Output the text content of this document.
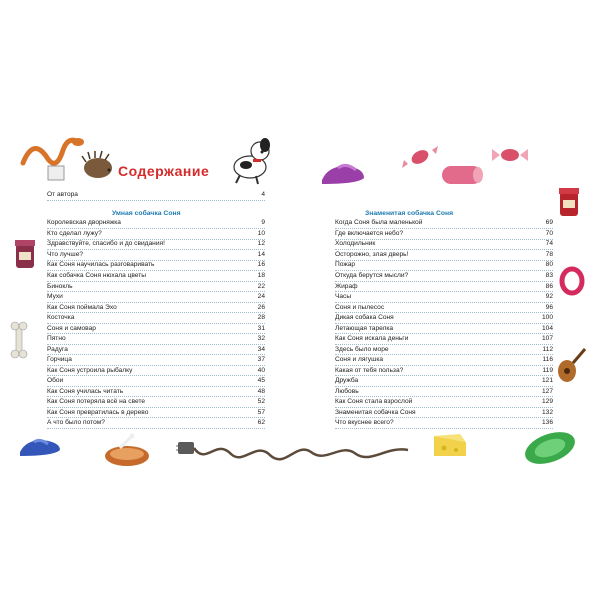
Содержание
От автора	4
Умная собачка Соня
Королевская дворняжка	9
Кто сделал лужу?	10
Здравствуйте, спасибо и до свидания!	12
Что лучше?	14
Как Соня научилась разговаривать	16
Как собачка Соня нюхала цветы	18
Бинокль	22
Мухи	24
Как Соня поймала Эхо	26
Косточка	28
Соня и самовар	31
Пятно	32
Радуга	34
Горчица	37
Как Соня устроила рыбалку	40
Обои	45
Как Соня училась читать	48
Как Соня потеряла всё на свете	52
Как Соня превратилась в дерево	57
А что было потом?	62
Знаменитая собачка Соня
Когда Соня была маленькой	69
Где включается небо?	70
Холодильник	74
Осторожно, злая дверь!	78
Пожар	80
Откуда берутся мысли?	83
Жираф	86
Часы	92
Соня и пылесос	96
Дикая собака Соня	100
Летающая тарелка	104
Как Соня искала деньги	107
Здесь было море	112
Соня и лягушка	116
Какая от тебя польза?	119
Дружба	121
Любовь	127
Как Соня стала взрослой	129
Знаменитая собачка Соня	132
Что вкуснее всего?	136
